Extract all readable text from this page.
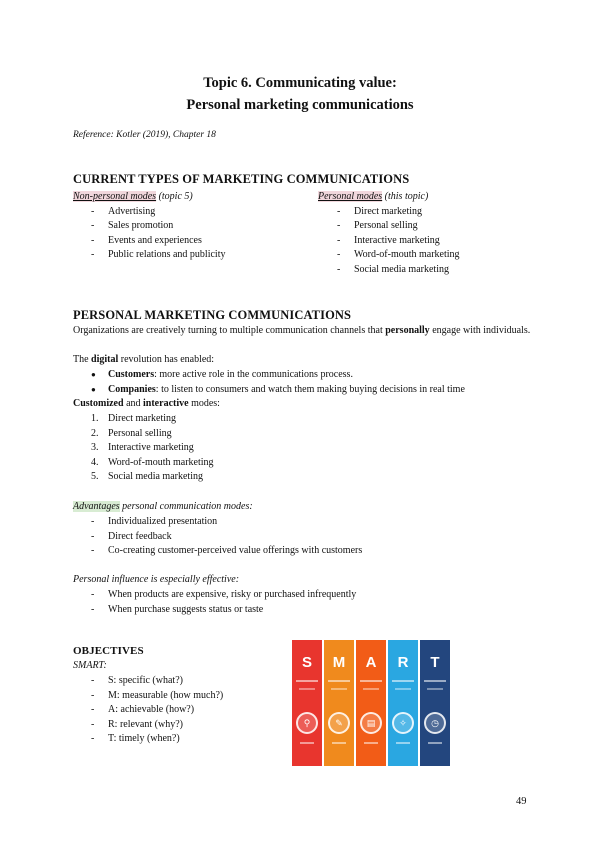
Topic 6. Communicating value:
Personal marketing communications
Reference: Kotler (2019), Chapter 18
CURRENT TYPES OF MARKETING COMMUNICATIONS
Non-personal modes (topic 5)
- Advertising
- Sales promotion
- Events and experiences
- Public relations and publicity
Personal modes (this topic)
- Direct marketing
- Personal selling
- Interactive marketing
- Word-of-mouth marketing
- Social media marketing
PERSONAL MARKETING COMMUNICATIONS
Organizations are creatively turning to multiple communication channels that personally engage with individuals.
The digital revolution has enabled:
● Customers: more active role in the communications process.
● Companies: to listen to consumers and watch them making buying decisions in real time
Customized and interactive modes:
1. Direct marketing
2. Personal selling
3. Interactive marketing
4. Word-of-mouth marketing
5. Social media marketing
Advantages personal communication modes:
- Individualized presentation
- Direct feedback
- Co-creating customer-perceived value offerings with customers
Personal influence is especially effective:
- When products are expensive, risky or purchased infrequently
- When purchase suggests status or taste
OBJECTIVES
SMART:
- S: specific (what?)
- M: measurable (how much?)
- A: achievable (how?)
- R: relevant (why?)
- T: timely (when?)
S
⚲
M
✎
A
▤
R
✧
T
◷
49
